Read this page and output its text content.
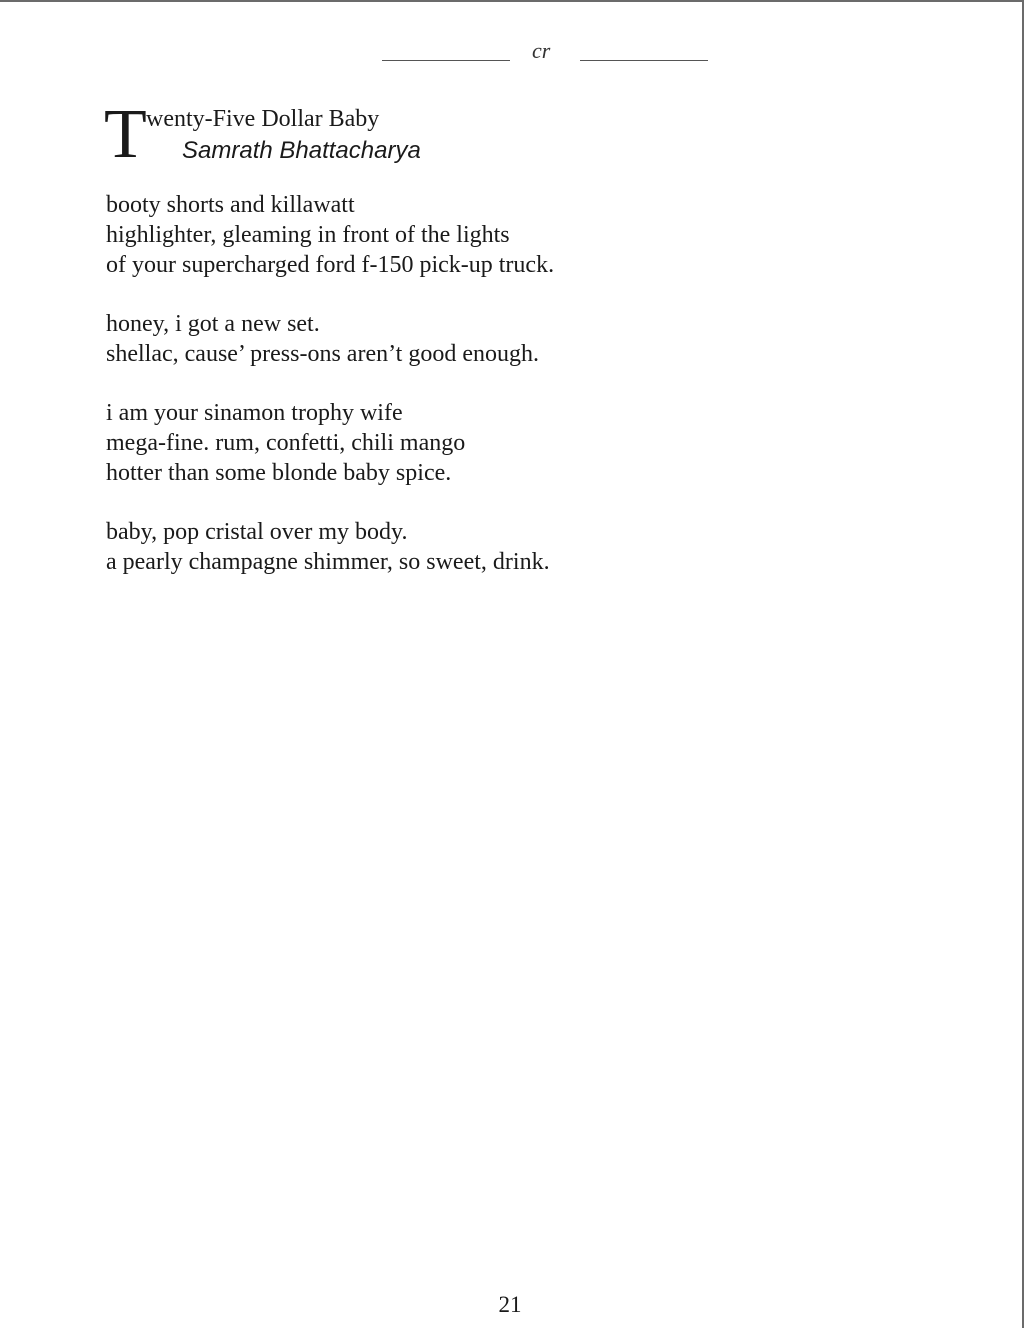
cr
T wenty-Five Dollar Baby
Samrath Bhattacharya
booty shorts and killawatt
highlighter, gleaming in front of the lights
of your supercharged ford f-150 pick-up truck.
honey, i got a new set.
shellac, cause’ press-ons aren’t good enough.
i am your sinamon trophy wife
mega-fine. rum, confetti, chili mango
hotter than some blonde baby spice.
baby, pop cristal over my body.
a pearly champagne shimmer, so sweet, drink.
21
